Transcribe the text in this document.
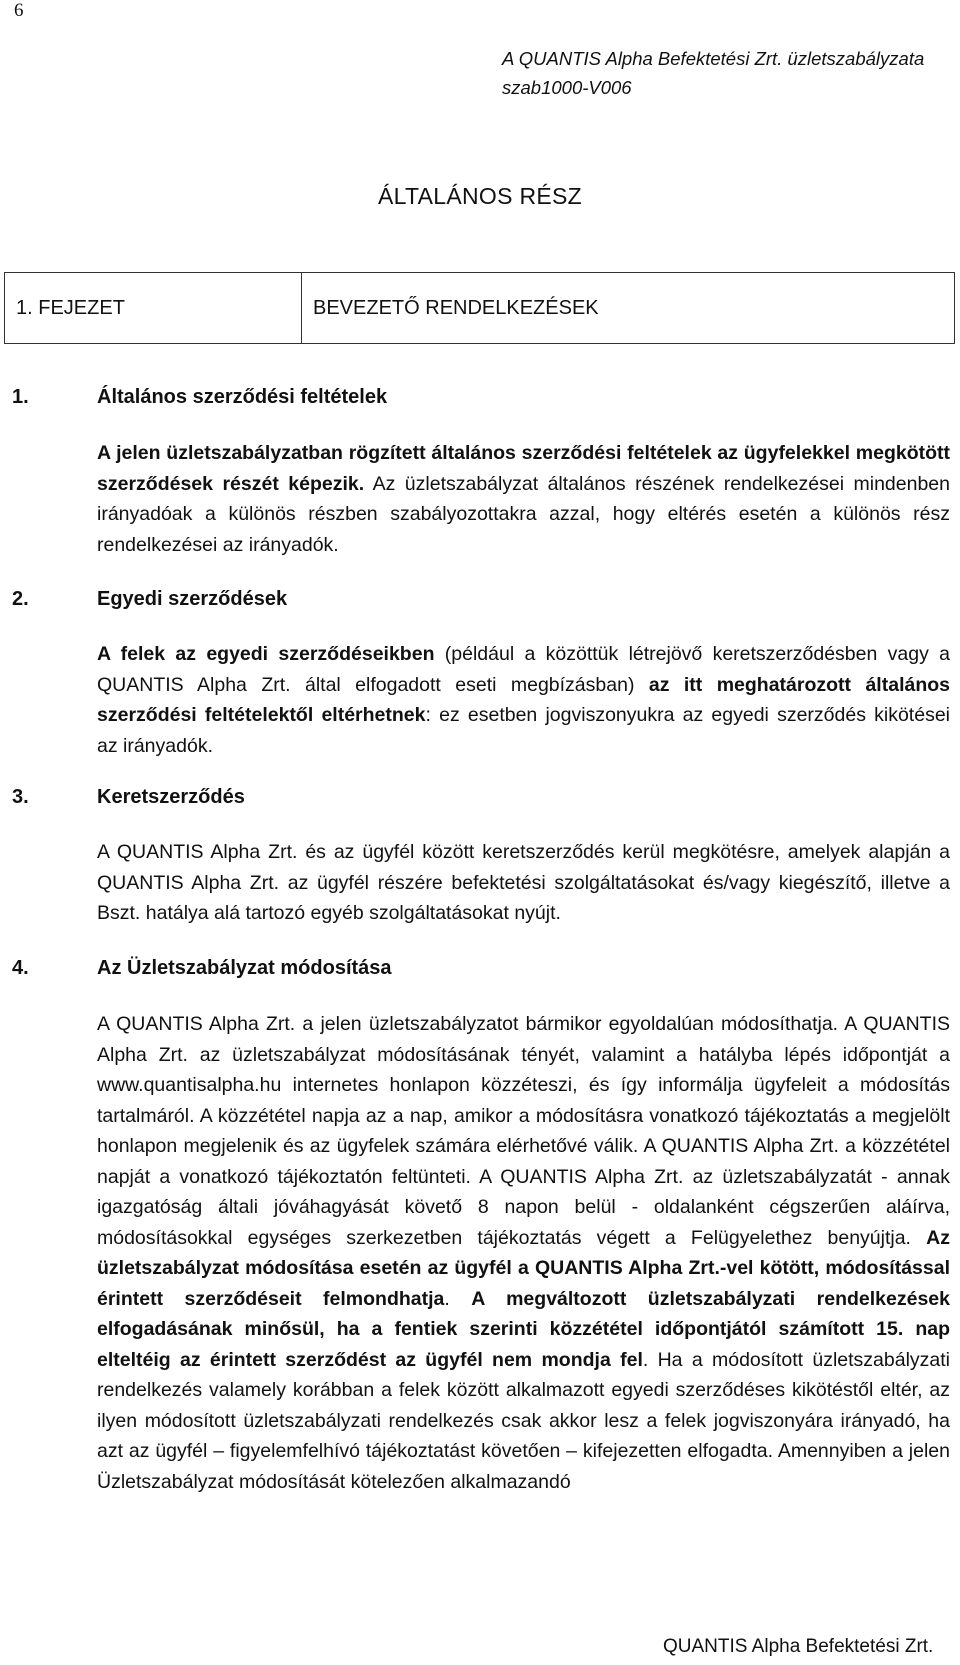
6
A QUANTIS Alpha Befektetési Zrt. üzletszabályzata
szab1000-V006
ÁLTALÁNOS RÉSZ
1. FEJEZET	BEVEZETŐ RENDELKEZÉSEK
1.	Általános szerződési feltételek
A jelen üzletszabályzatban rögzített általános szerződési feltételek az ügyfelekkel megkötött szerződések részét képezik. Az üzletszabályzat általános részének rendelkezései mindenben irányadóak a különös részben szabályozottakra azzal, hogy eltérés esetén a különös rész rendelkezései az irányadók.
2.	Egyedi szerződések
A felek az egyedi szerződéseikben (például a közöttük létrejövő keretszerződésben vagy a QUANTIS Alpha Zrt. által elfogadott eseti megbízásban) az itt meghatározott általános szerződési feltételektől eltérhetnek: ez esetben jogviszonyukra az egyedi szerződés kikötései az irányadók.
3.	Keretszerződés
A QUANTIS Alpha Zrt. és az ügyfél között keretszerződés kerül megkötésre, amelyek alapján a QUANTIS Alpha Zrt. az ügyfél részére befektetési szolgáltatásokat és/vagy kiegészítő, illetve a Bszt. hatálya alá tartozó egyéb szolgáltatásokat nyújt.
4.	Az Üzletszabályzat módosítása
A QUANTIS Alpha Zrt. a jelen üzletszabályzatot bármikor egyoldalúan módosíthatja. A QUANTIS Alpha Zrt. az üzletszabályzat módosításának tényét, valamint a hatályba lépés időpontját a www.quantisalpha.hu internetes honlapon közzéteszi, és így informálja ügyfeleit a módosítás tartalmáról. A közzététel napja az a nap, amikor a módosításra vonatkozó tájékoztatás a megjelölt honlapon megjelenik és az ügyfelek számára elérhetővé válik. A QUANTIS Alpha Zrt. a közzététel napját a vonatkozó tájékoztatón feltünteti. A QUANTIS Alpha Zrt. az üzletszabályzatát - annak igazgatóság általi jóváhagyását követő 8 napon belül - oldalanként cégszerűen aláírva, módosításokkal egységes szerkezetben tájékoztatás végett a Felügyelethez benyújtja. Az üzletszabályzat módosítása esetén az ügyfél a QUANTIS Alpha Zrt.-vel kötött, módosítással érintett szerződéseit felmondhatja. A megváltozott üzletszabályzati rendelkezések elfogadásának minősül, ha a fentiek szerinti közzététel időpontjától számított 15. nap elteltéig az érintett szerződést az ügyfél nem mondja fel. Ha a módosított üzletszabályzati rendelkezés valamely korábban a felek között alkalmazott egyedi szerződéses kikötéstől eltér, az ilyen módosított üzletszabályzati rendelkezés csak akkor lesz a felek jogviszonyára irányadó, ha azt az ügyfél – figyelemfelhívó tájékoztatást követően – kifejezetten elfogadta. Amennyiben a jelen Üzletszabályzat módosítását kötelezően alkalmazandó
QUANTIS Alpha Befektetési Zrt.
